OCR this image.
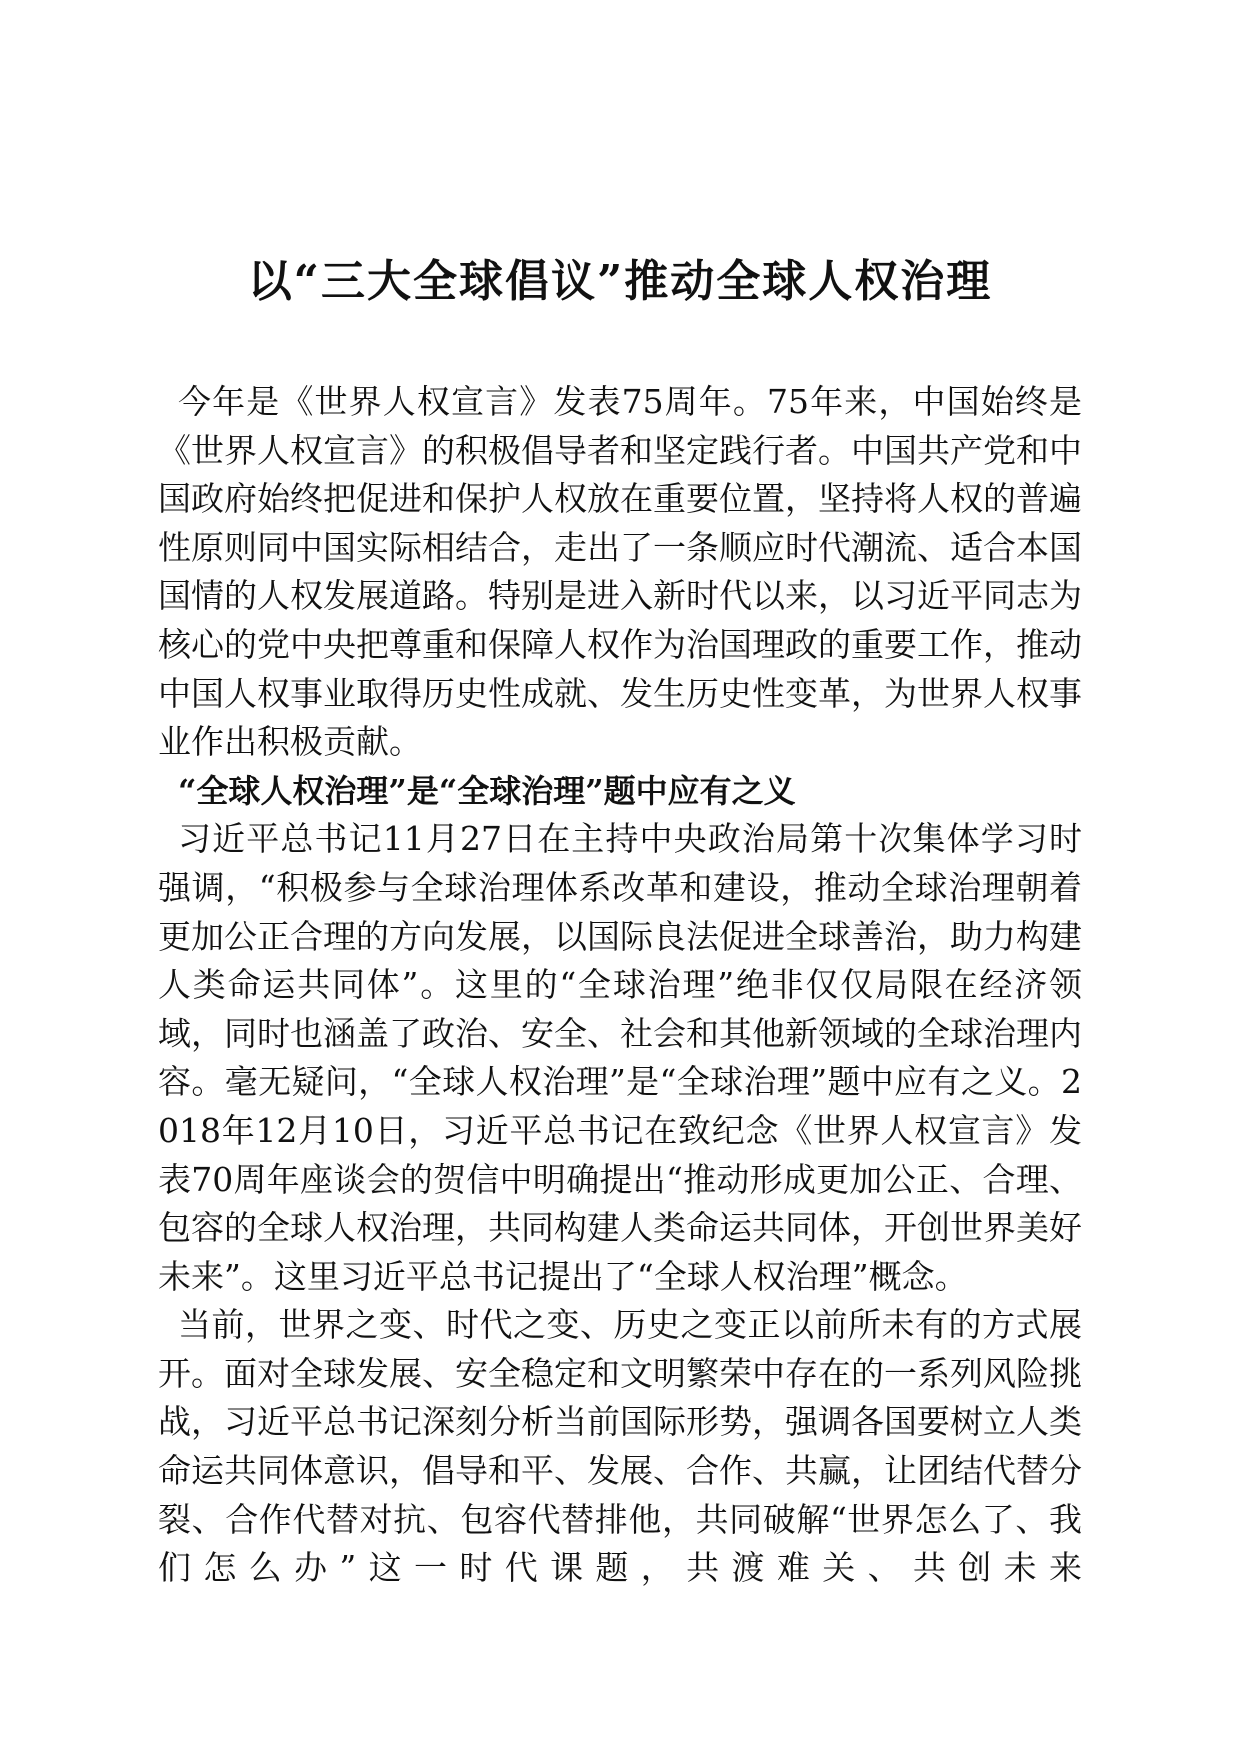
以“三大全球倡议”推动全球人权治理

今年是《世界人权宣言》发表75周年。75年来，中国始终是《世界人权宣言》的积极倡导者和坚定践行者。中国共产党和中国政府始终把促进和保护人权放在重要位置，坚持将人权的普遍性原则同中国实际相结合，走出了一条顺应时代潮流、适合本国国情的人权发展道路。特别是进入新时代以来，以习近平同志为核心的党中央把尊重和保障人权作为治国理政的重要工作，推动中国人权事业取得历史性成就、发生历史性变革，为世界人权事业作出积极贡献。

“全球人权治理”是“全球治理”题中应有之义

习近平总书记11月27日在主持中央政治局第十次集体学习时强调，“积极参与全球治理体系改革和建设，推动全球治理朝着更加公正合理的方向发展，以国际良法促进全球善治，助力构建人类命运共同体”。这里的“全球治理”绝非仅仅局限在经济领域，同时也涵盖了政治、安全、社会和其他新领域的全球治理内容。毫无疑问，“全球人权治理”是“全球治理”题中应有之义。2018年12月10日，习近平总书记在致纪念《世界人权宣言》发表70周年座谈会的贺信中明确提出“推动形成更加公正、合理、包容的全球人权治理，共同构建人类命运共同体，开创世界美好未来”。这里习近平总书记提出了“全球人权治理”概念。

当前，世界之变、时代之变、历史之变正以前所未有的方式展开。面对全球发展、安全稳定和文明繁荣中存在的一系列风险挑战，习近平总书记深刻分析当前国际形势，强调各国要树立人类命运共同体意识，倡导和平、发展、合作、共赢，让团结代替分裂、合作代替对抗、包容代替排他，共同破解“世界怎么了、我们怎么办”这一时代课题，共渡难关、共创未来
